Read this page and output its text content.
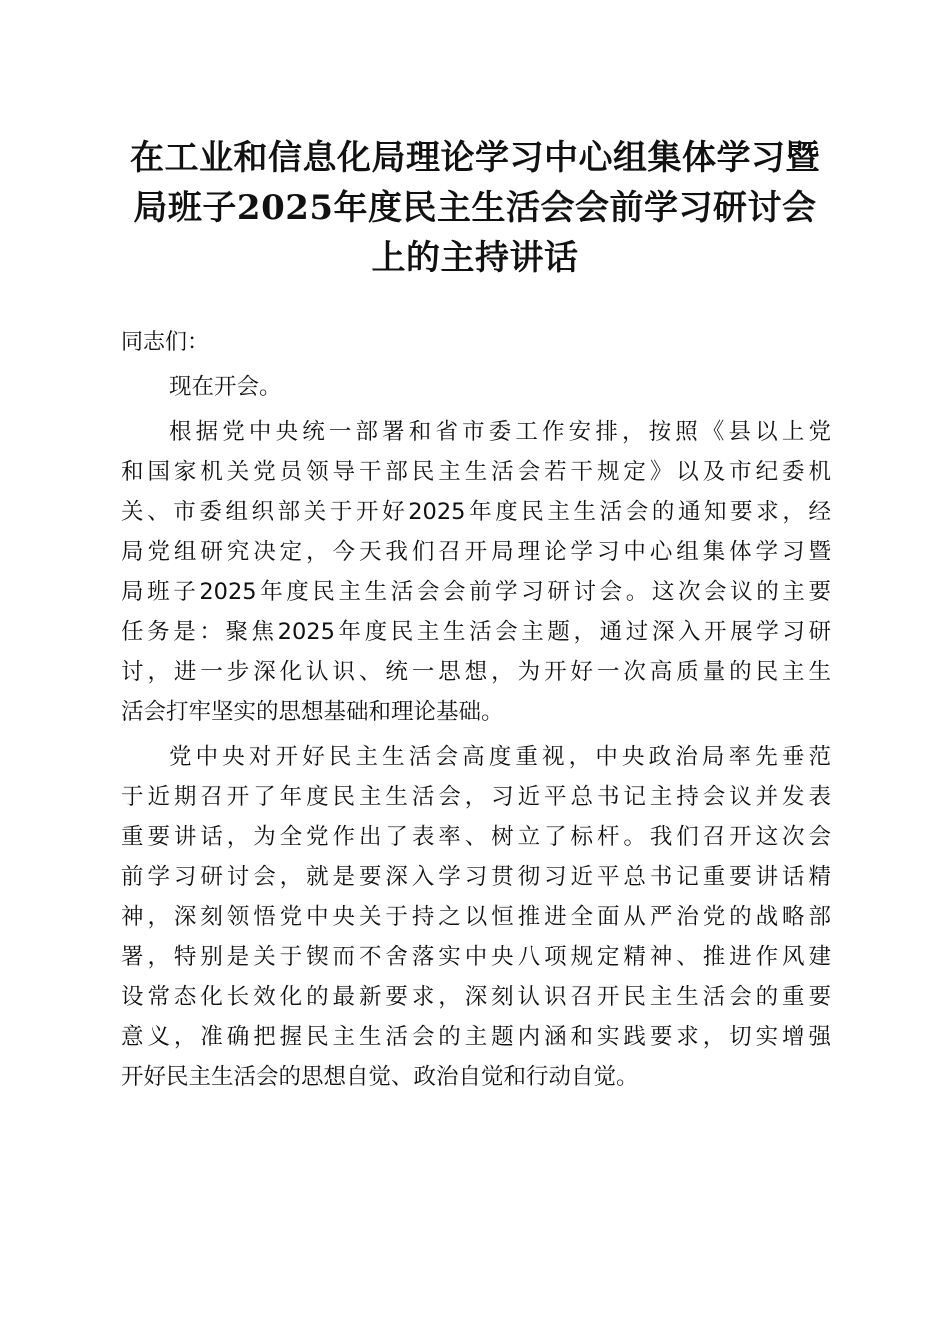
在工业和信息化局理论学习中心组集体学习暨
局班子2025年度民主生活会会前学习研讨会
上的主持讲话

同志们：

现在开会。

根据党中央统一部署和省市委工作安排，按照《县以上党
和国家机关党员领导干部民主生活会若干规定》以及市纪委机
关、市委组织部关于开好2025年度民主生活会的通知要求，经
局党组研究决定，今天我们召开局理论学习中心组集体学习暨
局班子2025年度民主生活会会前学习研讨会。这次会议的主要
任务是：聚焦2025年度民主生活会主题，通过深入开展学习研
讨，进一步深化认识、统一思想，为开好一次高质量的民主生
活会打牢坚实的思想基础和理论基础。

党中央对开好民主生活会高度重视，中央政治局率先垂范
于近期召开了年度民主生活会，习近平总书记主持会议并发表
重要讲话，为全党作出了表率、树立了标杆。我们召开这次会
前学习研讨会，就是要深入学习贯彻习近平总书记重要讲话精
神，深刻领悟党中央关于持之以恒推进全面从严治党的战略部
署，特别是关于锲而不舍落实中央八项规定精神、推进作风建
设常态化长效化的最新要求，深刻认识召开民主生活会的重要
意义，准确把握民主生活会的主题内涵和实践要求，切实增强
开好民主生活会的思想自觉、政治自觉和行动自觉。
